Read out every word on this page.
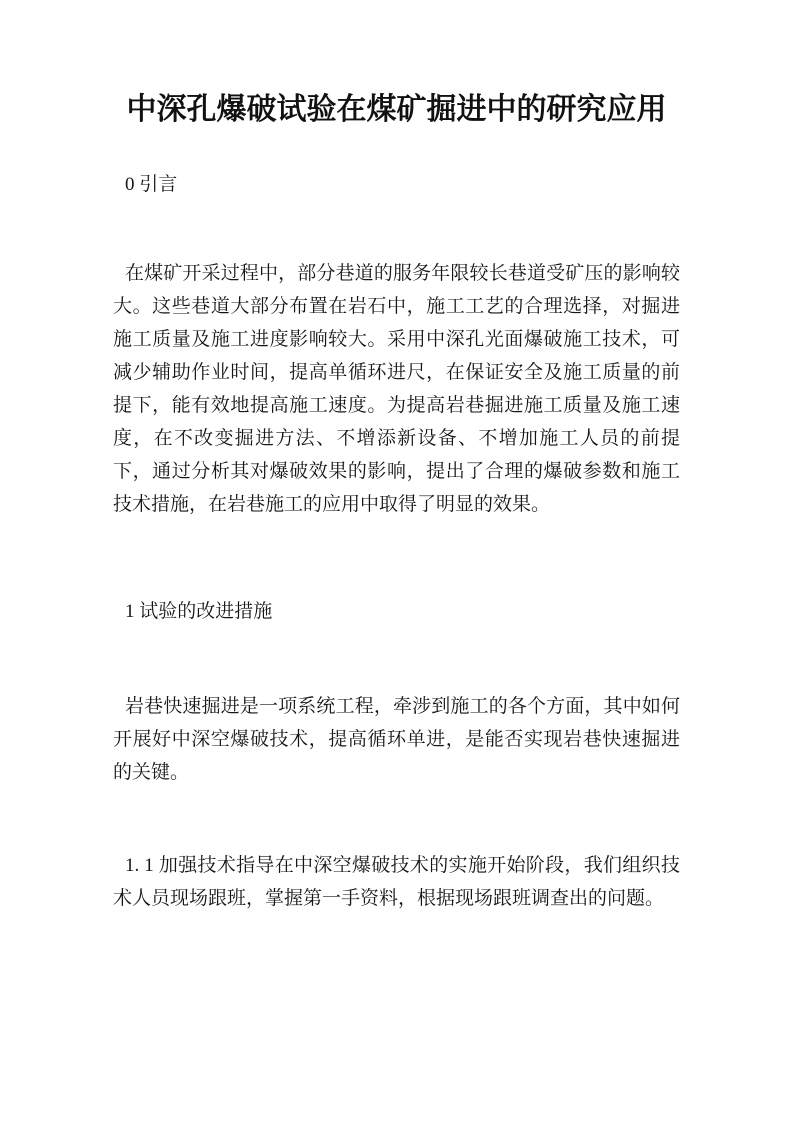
中深孔爆破试验在煤矿掘进中的研究应用
0 引言

在煤矿开采过程中，部分巷道的服务年限较长巷道受矿压的影响较大。这些巷道大部分布置在岩石中，施工工艺的合理选择，对掘进施工质量及施工进度影响较大。采用中深孔光面爆破施工技术，可减少辅助作业时间，提高单循环进尺，在保证安全及施工质量的前提下，能有效地提高施工速度。为提高岩巷掘进施工质量及施工速度，在不改变掘进方法、不增添新设备、不增加施工人员的前提下，通过分析其对爆破效果的影响，提出了合理的爆破参数和施工技术措施，在岩巷施工的应用中取得了明显的效果。

1 试验的改进措施

岩巷快速掘进是一项系统工程，牵涉到施工的各个方面，其中如何开展好中深空爆破技术，提高循环单进，是能否实现岩巷快速掘进的关键。

1. 1 加强技术指导在中深空爆破技术的实施开始阶段，我们组织技术人员现场跟班，掌握第一手资料，根据现场跟班调查出的问题。
